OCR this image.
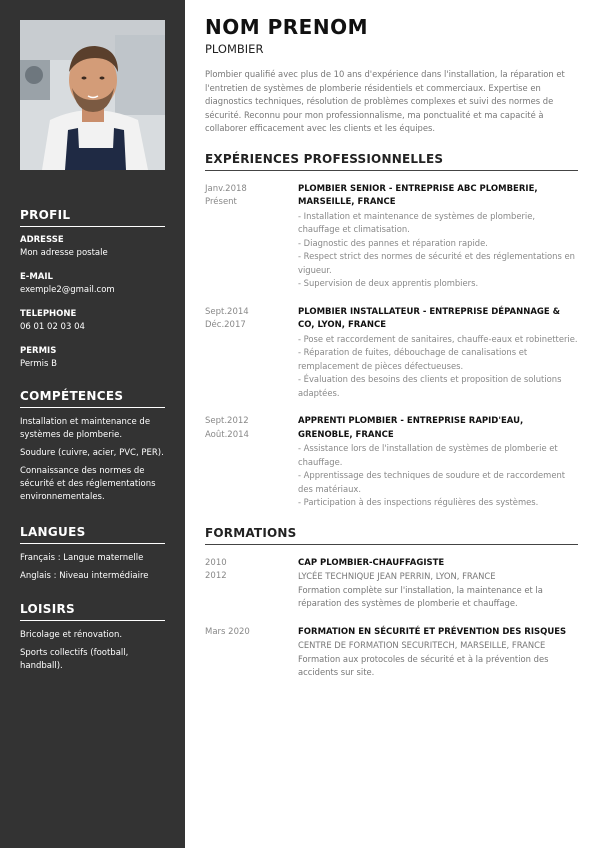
PROFIL
ADRESSE
Mon adresse postale
E-MAIL
exemple2@gmail.com
TELEPHONE
06 01 02 03 04
PERMIS
Permis B
COMPÉTENCES
Installation et maintenance de systèmes de plomberie.
Soudure (cuivre, acier, PVC, PER).
Connaissance des normes de sécurité et des réglementations environnementales.
LANGUES
Français : Langue maternelle
Anglais : Niveau intermédiaire
LOISIRS
Bricolage et rénovation.
Sports collectifs (football, handball).
NOM PRENOM
PLOMBIER
Plombier qualifié avec plus de 10 ans d'expérience dans l'installation, la réparation et l'entretien de systèmes de plomberie résidentiels et commerciaux. Expertise en diagnostics techniques, résolution de problèmes complexes et suivi des normes de sécurité. Reconnu pour mon professionnalisme, ma ponctualité et ma capacité à collaborer efficacement avec les clients et les équipes.
EXPÉRIENCES PROFESSIONNELLES
Janv.2018
Présent
PLOMBIER SENIOR - ENTREPRISE ABC PLOMBERIE, MARSEILLE, FRANCE
- Installation et maintenance de systèmes de plomberie, chauffage et climatisation.
- Diagnostic des pannes et réparation rapide.
- Respect strict des normes de sécurité et des réglementations en vigueur.
- Supervision de deux apprentis plombiers.
Sept.2014
Déc.2017
PLOMBIER INSTALLATEUR - ENTREPRISE DÉPANNAGE & CO, LYON, FRANCE
- Pose et raccordement de sanitaires, chauffe-eaux et robinetterie.
- Réparation de fuites, débouchage de canalisations et remplacement de pièces défectueuses.
- Évaluation des besoins des clients et proposition de solutions adaptées.
Sept.2012
Août.2014
APPRENTI PLOMBIER - ENTREPRISE RAPID'EAU, GRENOBLE, FRANCE
- Assistance lors de l'installation de systèmes de plomberie et chauffage.
- Apprentissage des techniques de soudure et de raccordement des matériaux.
- Participation à des inspections régulières des systèmes.
FORMATIONS
2010
2012
CAP PLOMBIER-CHAUFFAGISTE
LYCÉE TECHNIQUE JEAN PERRIN, LYON, FRANCE
Formation complète sur l'installation, la maintenance et la réparation des systèmes de plomberie et chauffage.
Mars 2020	FORMATION EN SÉCURITÉ ET PRÉVENTION DES RISQUES
CENTRE DE FORMATION SECURITECH, MARSEILLE, FRANCE
Formation aux protocoles de sécurité et à la prévention des accidents sur site.
